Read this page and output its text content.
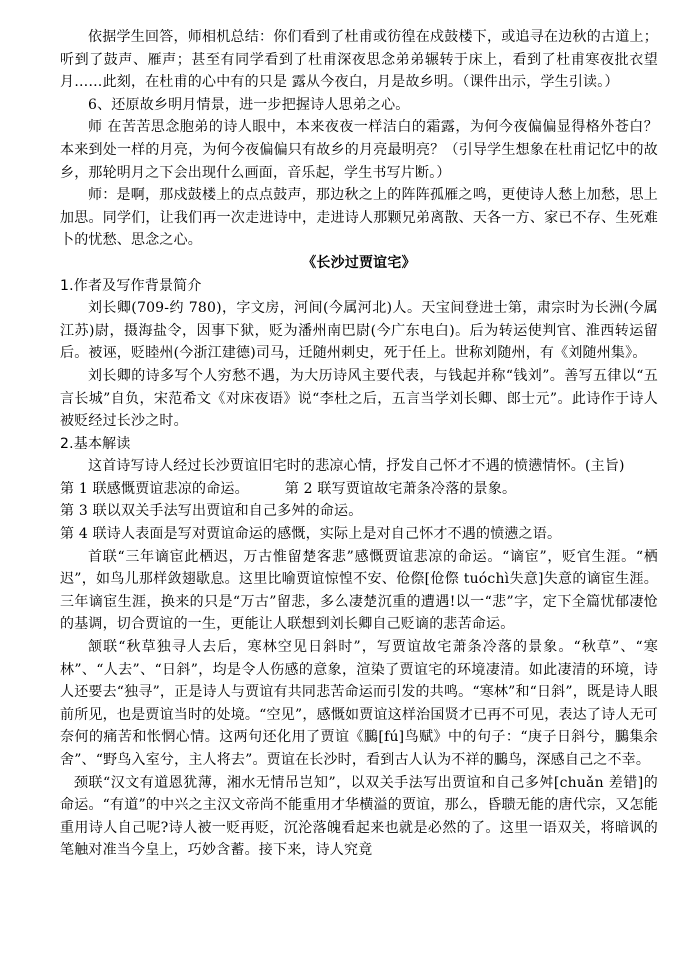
依据学生回答，师相机总结：你们看到了杜甫或彷徨在戍鼓楼下，或追寻在边秋的古道上；听到了鼓声、雁声；甚至有同学看到了杜甫深夜思念弟弟辗转于床上，看到了杜甫寒夜批衣望月……此刻，在杜甫的心中有的只是 露从今夜白，月是故乡明。（课件出示，学生引读。）

6、还原故乡明月情景，进一步把握诗人思弟之心。

师 在苦苦思念胞弟的诗人眼中，本来夜夜一样洁白的霜露，为何今夜偏偏显得格外苍白？本来到处一样的月亮，为何今夜偏偏只有故乡的月亮最明亮？（引导学生想象在杜甫记忆中的故乡，那轮明月之下会出现什么画面，音乐起，学生书写片断。）

师：是啊，那戍鼓楼上的点点鼓声，那边秋之上的阵阵孤雁之鸣，更使诗人愁上加愁，思上加思。同学们，让我们再一次走进诗中，走进诗人那颗兄弟离散、天各一方、家已不存、生死难卜的忧愁、思念之心。

《长沙过贾谊宅》

1.作者及写作背景简介

刘长卿(709-约 780)，字文房，河间(今属河北)人。天宝间登进士第，肃宗时为长洲(今属江苏)尉，摄海盐令，因事下狱，贬为潘州南巴尉(今广东电白)。后为转运使判官、淮西转运留后。被诬，贬睦州(今浙江建德)司马，迁随州刺史，死于任上。世称刘随州，有《刘随州集》。

刘长卿的诗多写个人穷愁不遇，为大历诗风主要代表，与钱起并称“钱刘”。善写五律以“五言长城”自负，宋范希文《对床夜语》说“李杜之后，五言当学刘长卿、郎士元”。此诗作于诗人被贬经过长沙之时。

2.基本解读

这首诗写诗人经过长沙贾谊旧宅时的悲凉心情，抒发自己怀才不遇的愤懑情怀。(主旨)

第 1 联感慨贾谊悲凉的命运。	第 2 联写贾谊故宅萧条冷落的景象。

第 3 联以双关手法写出贾谊和自己多舛的命运。

第 4 联诗人表面是写对贾谊命运的感慨，实际上是对自己怀才不遇的愤懑之语。

首联“三年谪宦此栖迟，万古惟留楚客悲”感慨贾谊悲凉的命运。“谪宦”，贬官生涯。“栖迟”，如鸟儿那样敛翅歇息。这里比喻贾谊惊惶不安、伧傺[伧傺 tuóchì失意]失意的谪宦生涯。三年谪宦生涯，换来的只是“万古”留悲，多么凄楚沉重的遭遇!以一“悲”字，定下全篇忧郁凄怆的基调，切合贾谊的一生，更能让人联想到刘长卿自己贬谪的悲苦命运。

颔联“秋草独寻人去后，寒林空见日斜时”，写贾谊故宅萧条冷落的景象。“秋草”、“寒林”、“人去”、“日斜”，均是令人伤感的意象，渲染了贾谊宅的环境凄清。如此凄清的环境，诗人还要去“独寻”，正是诗人与贾谊有共同悲苦命运而引发的共鸣。“寒林”和“日斜”，既是诗人眼前所见，也是贾谊当时的处境。“空见”，感慨如贾谊这样治国贤才已再不可见，表达了诗人无可奈何的痛苦和怅惘心情。这两句还化用了贾谊《鵩[fú]鸟赋》中的句子：“庚子日斜兮，鵩集余舍”、“野鸟入室兮，主人将去”。贾谊在长沙时，看到古人认为不祥的鵩鸟，深感自己之不幸。

颈联“汉文有道恩犹薄，湘水无情吊岂知”，以双关手法写出贾谊和自己多舛[chuǎn 差错]的命运。“有道”的中兴之主汉文帝尚不能重用才华横溢的贾谊，那么，昏聩无能的唐代宗，又怎能重用诗人自己呢?诗人被一贬再贬，沉沦落魄看起来也就是必然的了。这里一语双关，将暗讽的笔触对准当今皇上，巧妙含蓄。接下来，诗人究竟
